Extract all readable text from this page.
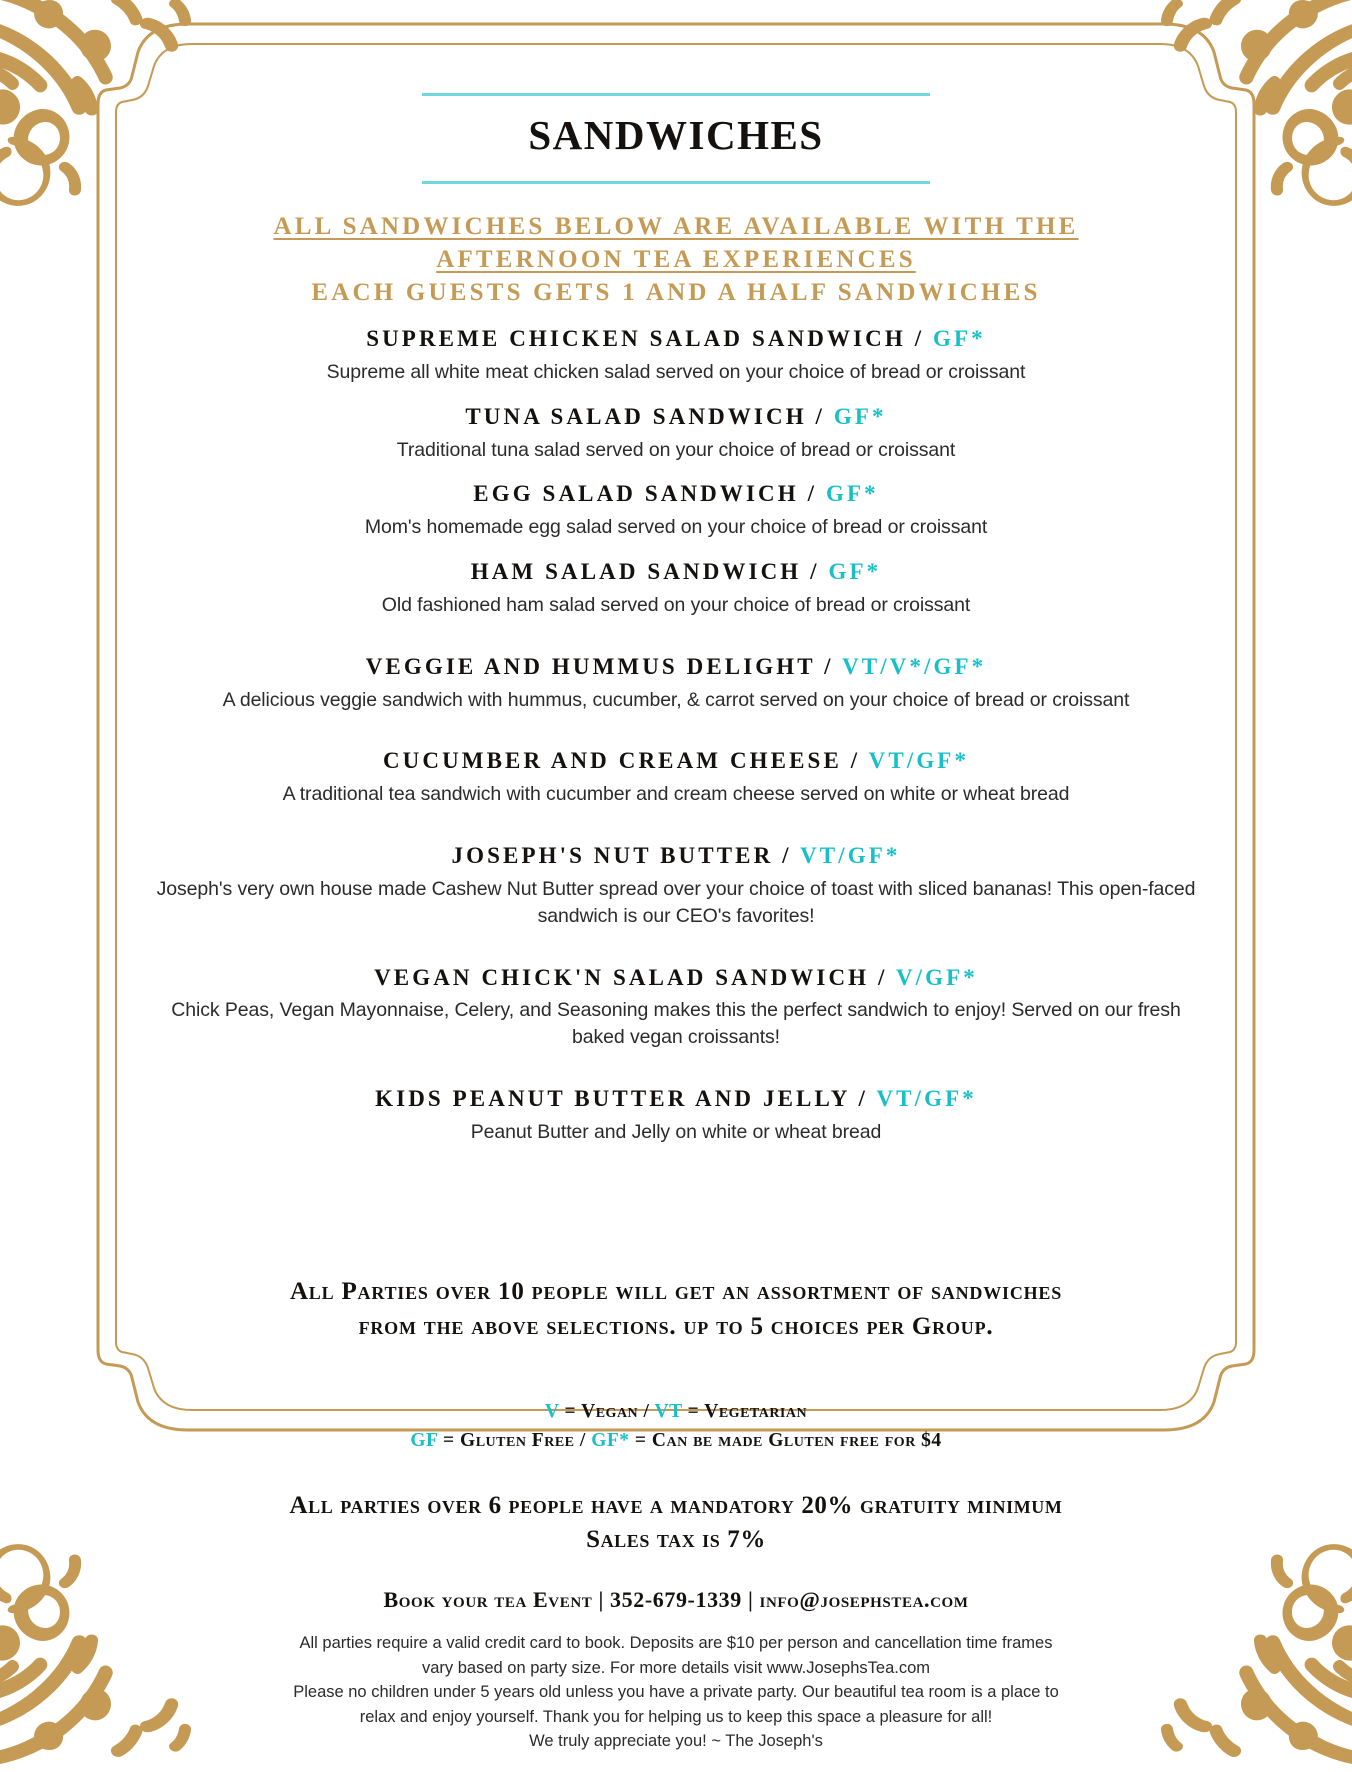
SANDWICHES
ALL SANDWICHES BELOW ARE AVAILABLE WITH THE
AFTERNOON TEA EXPERIENCES
EACH GUESTS GETS 1 AND A HALF SANDWICHES
SUPREME CHICKEN SALAD SANDWICH / GF*
Supreme all white meat chicken salad served on your choice of bread or croissant
TUNA SALAD SANDWICH / GF*
Traditional tuna salad served on your choice of bread or croissant
EGG SALAD SANDWICH / GF*
Mom's homemade egg salad served on your choice of bread or croissant
HAM SALAD SANDWICH / GF*
Old fashioned ham salad served on your choice of bread or croissant
VEGGIE AND HUMMUS DELIGHT / VT/V*/GF*
A delicious veggie sandwich with hummus, cucumber, & carrot served on your choice of bread or croissant
CUCUMBER AND CREAM CHEESE / VT/GF*
A traditional tea sandwich with cucumber and cream cheese served on white or wheat bread
JOSEPH'S NUT BUTTER / VT/GF*
Joseph's very own house made Cashew Nut Butter spread over your choice of toast with sliced bananas! This open-faced sandwich is our CEO's favorites!
VEGAN CHICK'N SALAD SANDWICH / V/GF*
Chick Peas, Vegan Mayonnaise, Celery, and Seasoning makes this the perfect sandwich to enjoy! Served on our fresh baked vegan croissants!
KIDS PEANUT BUTTER AND JELLY / VT/GF*
Peanut Butter and Jelly on white or wheat bread
All Parties over 10 people will get an assortment of sandwiches
from the above selections. up to 5 choices per Group.
V = Vegan / VT = Vegetarian
GF = Gluten Free / GF* = Can be made Gluten free for $4
All parties over 6 people have a mandatory 20% gratuity minimum
Sales tax is 7%
Book your tea Event | 352-679-1339 | info@josephstea.com
All parties require a valid credit card to book. Deposits are $10 per person and cancellation time frames
vary based on party size. For more details visit www.JosephsTea.com
Please no children under 5 years old unless you have a private party. Our beautiful tea room is a place to
relax and enjoy yourself. Thank you for helping us to keep this space a pleasure for all!
We truly appreciate you! ~ The Joseph's
